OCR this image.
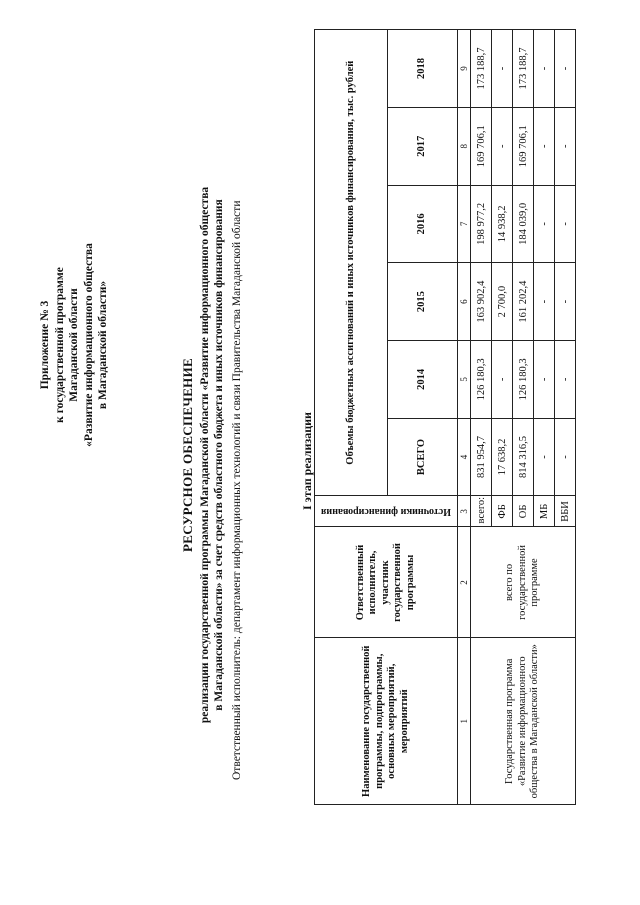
Приложение № 3 к государственной программе Магаданской области «Развитие информационного общества в Магаданской области»
РЕСУРСНОЕ ОБЕСПЕЧЕНИЕ реализации государственной программы Магаданской области «Развитие информационного общества в Магаданской области» за счет средств областного бюджета и иных источников финансирования Ответственный исполнитель: департамент информационных технологий и связи Правительства Магаданской области	I этап реализации
Наименование государственной программы, подпрограммы, основных мероприятий, мероприятий	Ответственный исполнитель, участник государственной программы	Источники финансирования	Объемы бюджетных ассигнований и иных источников финансирования, тыс. рублей					
			ВСЕГО	2014	2015	2016	2017	2018
1	2	3	4	5	6	7	8	9
Государственная программа «Развитие информационного общества в Магаданской области»	всего по государственной программе	всего:	831 954,7	126 180,3	163 902,4	198 977,2	169 706,1	173 188,7
		ФБ	17 638,2	-	2 700,0	14 938,2	-	-
		ОБ	814 316,5	126 180,3	161 202,4	184 039,0	169 706,1	173 188,7
		МБ	-	-	-	-	-	-
		ВБИ	-	-	-	-	-	-
